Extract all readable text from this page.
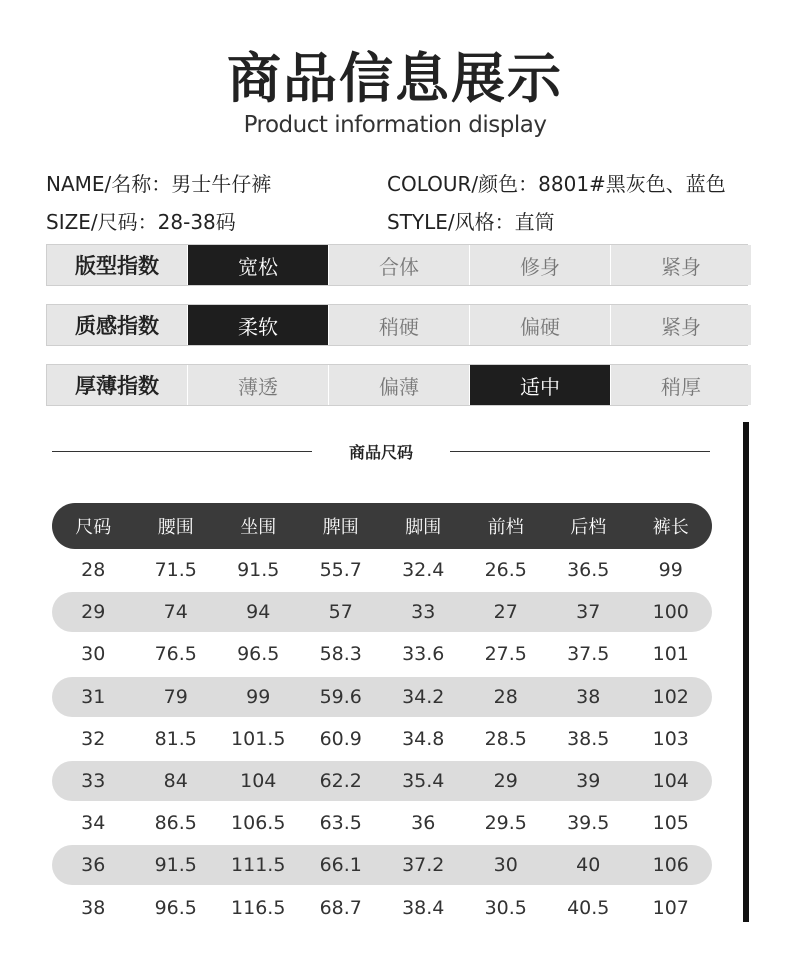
商品信息展示
Product information display
NAME/名称：男士牛仔裤	COLOUR/颜色：8801#黑灰色、蓝色
SIZE/尺码：28-38码	STYLE/风格：直筒
版型指数	宽松	合体	修身	紧身
质感指数	柔软	稍硬	偏硬	紧身
厚薄指数	薄透	偏薄	适中	稍厚
商品尺码
尺码	腰围	坐围	脾围	脚围	前档	后档	裤长
28	71.5	91.5	55.7	32.4	26.5	36.5	99
29	74	94	57	33	27	37	100
30	76.5	96.5	58.3	33.6	27.5	37.5	101
31	79	99	59.6	34.2	28	38	102
32	81.5	101.5	60.9	34.8	28.5	38.5	103
33	84	104	62.2	35.4	29	39	104
34	86.5	106.5	63.5	36	29.5	39.5	105
36	91.5	111.5	66.1	37.2	30	40	106
38	96.5	116.5	68.7	38.4	30.5	40.5	107
